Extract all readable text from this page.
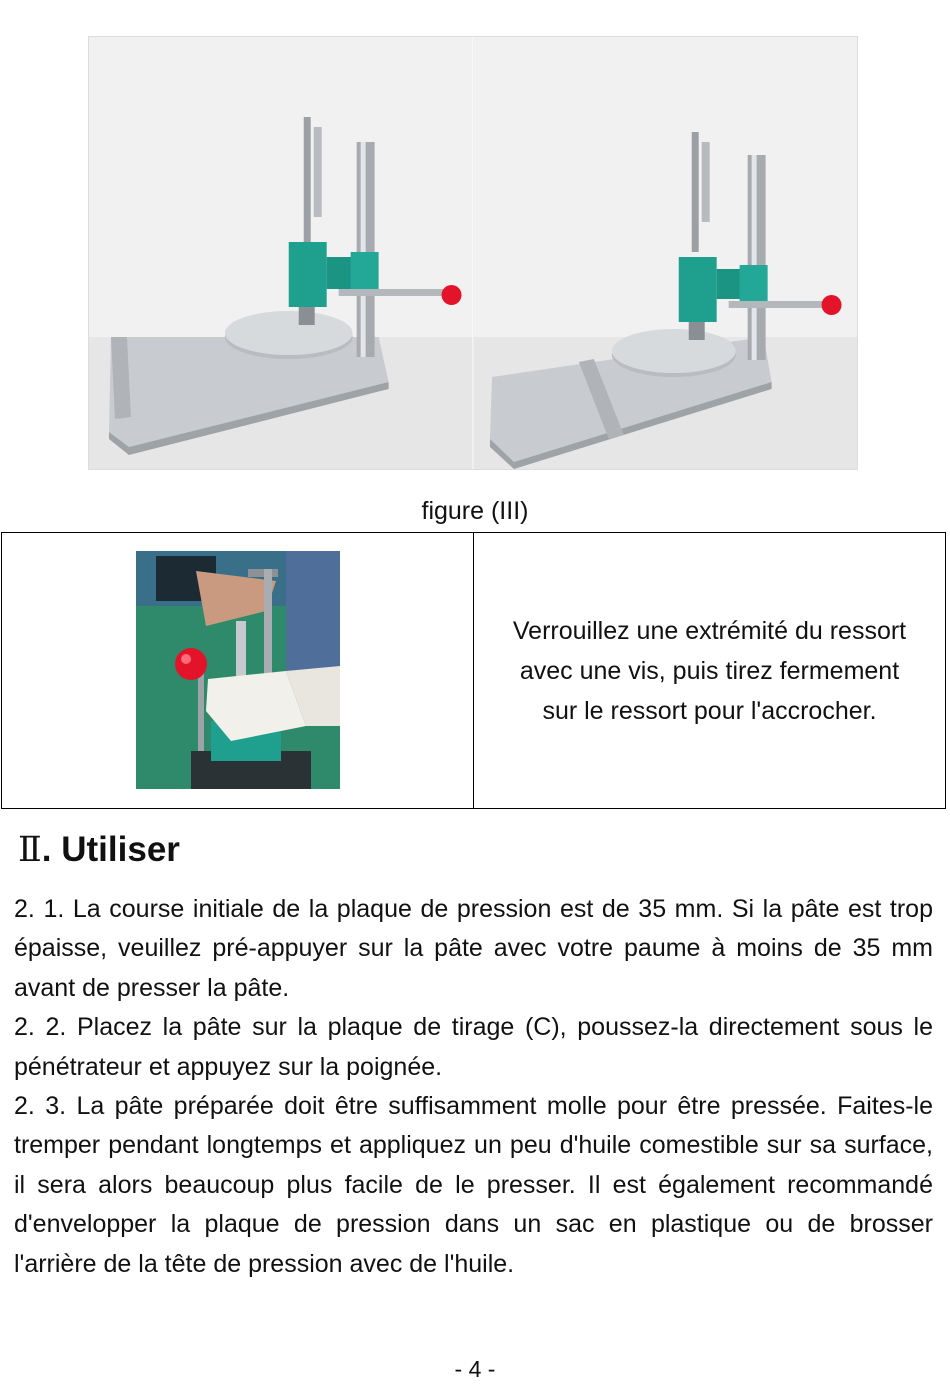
figure (III)
Verrouillez une extrémité du ressort
avec une vis, puis tirez fermement
sur le ressort pour l'accrocher.
Ⅱ. Utiliser

2. 1. La course initiale de la plaque de pression est de 35 mm. Si la pâte est trop épaisse, veuillez pré-appuyer sur la pâte avec votre paume à moins de 35 mm avant de presser la pâte.

2. 2. Placez la pâte sur la plaque de tirage (C), poussez-la directement sous le pénétrateur et appuyez sur la poignée.

2. 3. La pâte préparée doit être suffisamment molle pour être pressée. Faites-le tremper pendant longtemps et appliquez un peu d'huile comestible sur sa surface, il sera alors beaucoup plus facile de le presser. Il est également recommandé d'envelopper la plaque de pression dans un sac en plastique ou de brosser l'arrière de la tête de pression avec de l'huile.

- 4 -
